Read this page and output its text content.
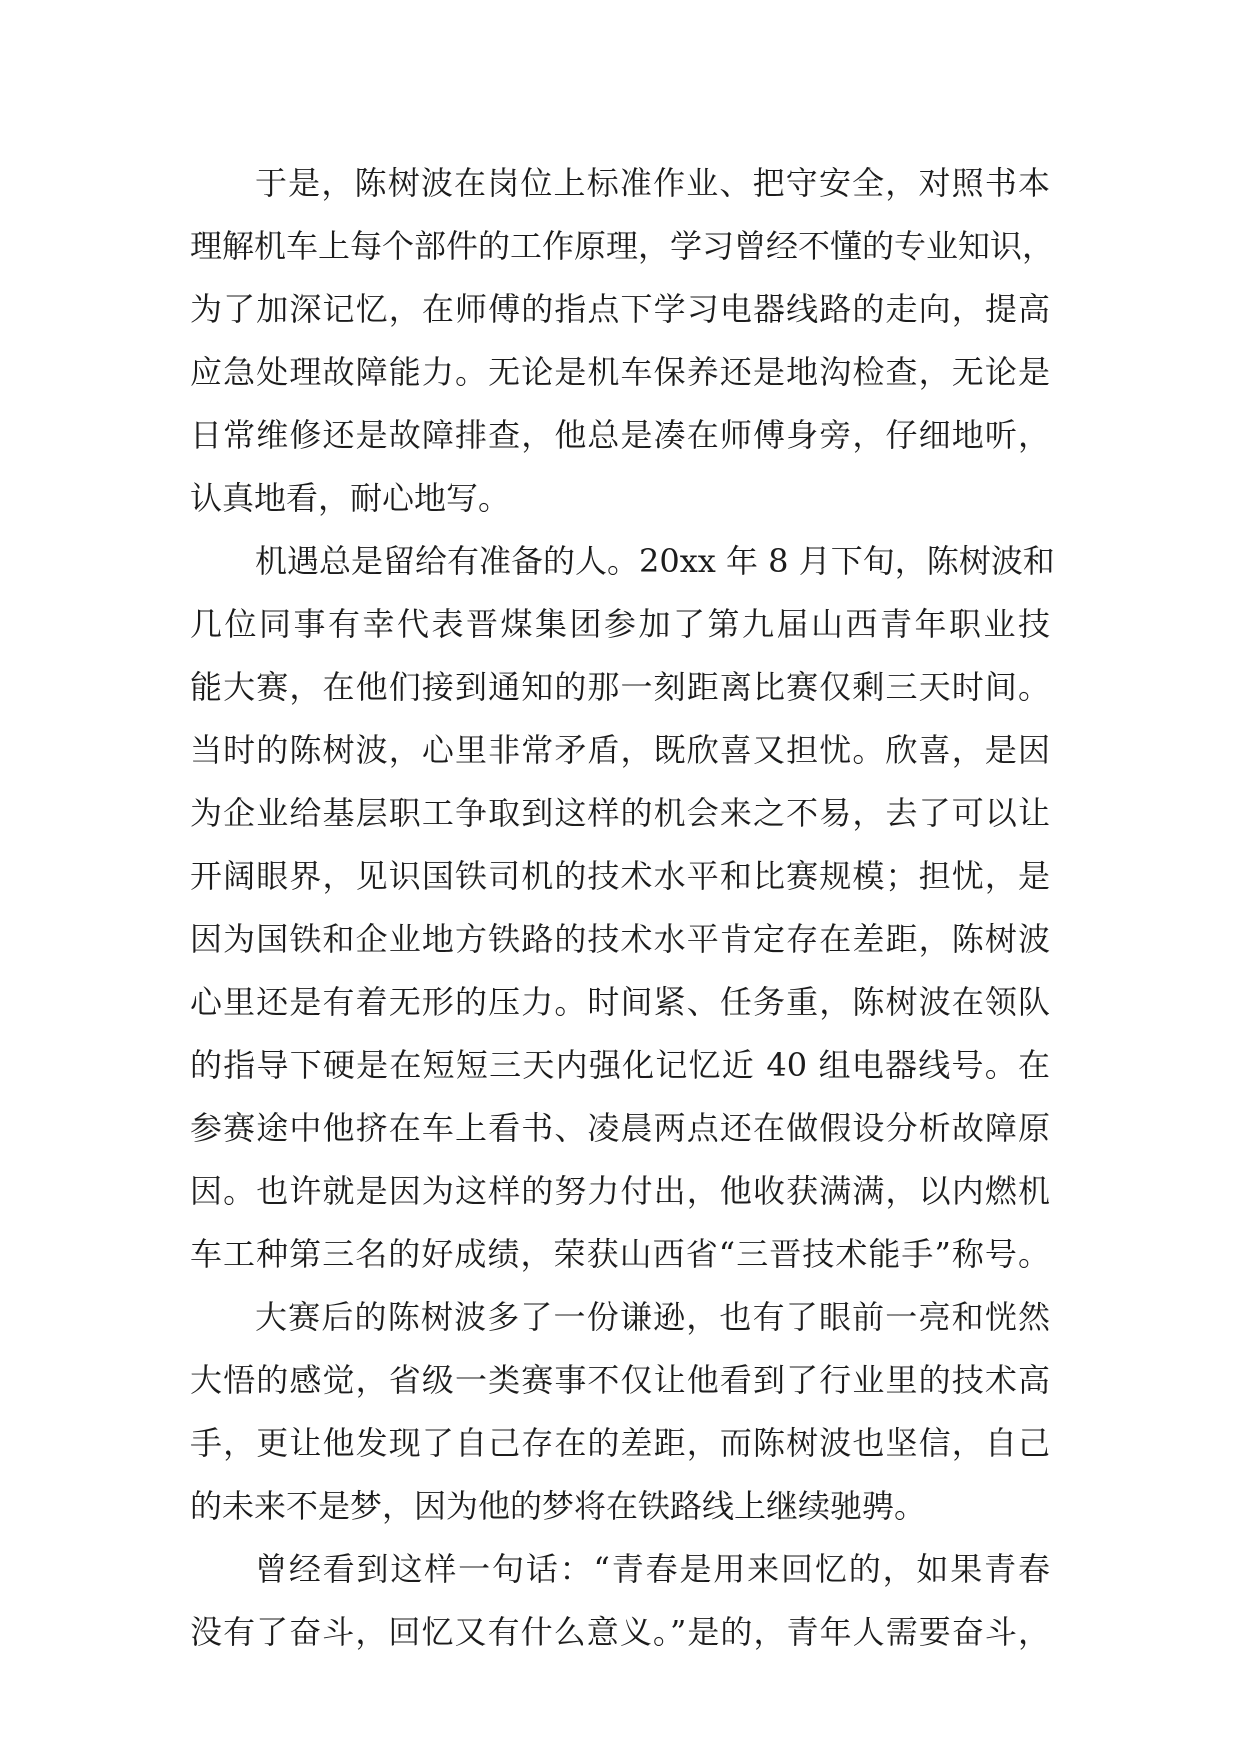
于是，陈树波在岗位上标准作业、把守安全，对照书本
理解机车上每个部件的工作原理，学习曾经不懂的专业知识，
为了加深记忆，在师傅的指点下学习电器线路的走向，提高
应急处理故障能力。无论是机车保养还是地沟检查，无论是
日常维修还是故障排查，他总是凑在师傅身旁，仔细地听，
认真地看，耐心地写。
机遇总是留给有准备的人。20xx 年 8 月下旬，陈树波和
几位同事有幸代表晋煤集团参加了第九届山西青年职业技
能大赛，在他们接到通知的那一刻距离比赛仅剩三天时间。
当时的陈树波，心里非常矛盾，既欣喜又担忧。欣喜，是因
为企业给基层职工争取到这样的机会来之不易，去了可以让
开阔眼界，见识国铁司机的技术水平和比赛规模；担忧，是
因为国铁和企业地方铁路的技术水平肯定存在差距，陈树波
心里还是有着无形的压力。时间紧、任务重，陈树波在领队
的指导下硬是在短短三天内强化记忆近 40 组电器线号。在
参赛途中他挤在车上看书、凌晨两点还在做假设分析故障原
因。也许就是因为这样的努力付出，他收获满满，以内燃机
车工种第三名的好成绩，荣获山西省“三晋技术能手”称号。
大赛后的陈树波多了一份谦逊，也有了眼前一亮和恍然
大悟的感觉，省级一类赛事不仅让他看到了行业里的技术高
手，更让他发现了自己存在的差距，而陈树波也坚信，自己
的未来不是梦，因为他的梦将在铁路线上继续驰骋。
曾经看到这样一句话：“青春是用来回忆的，如果青春
没有了奋斗，回忆又有什么意义。”是的，青年人需要奋斗，
